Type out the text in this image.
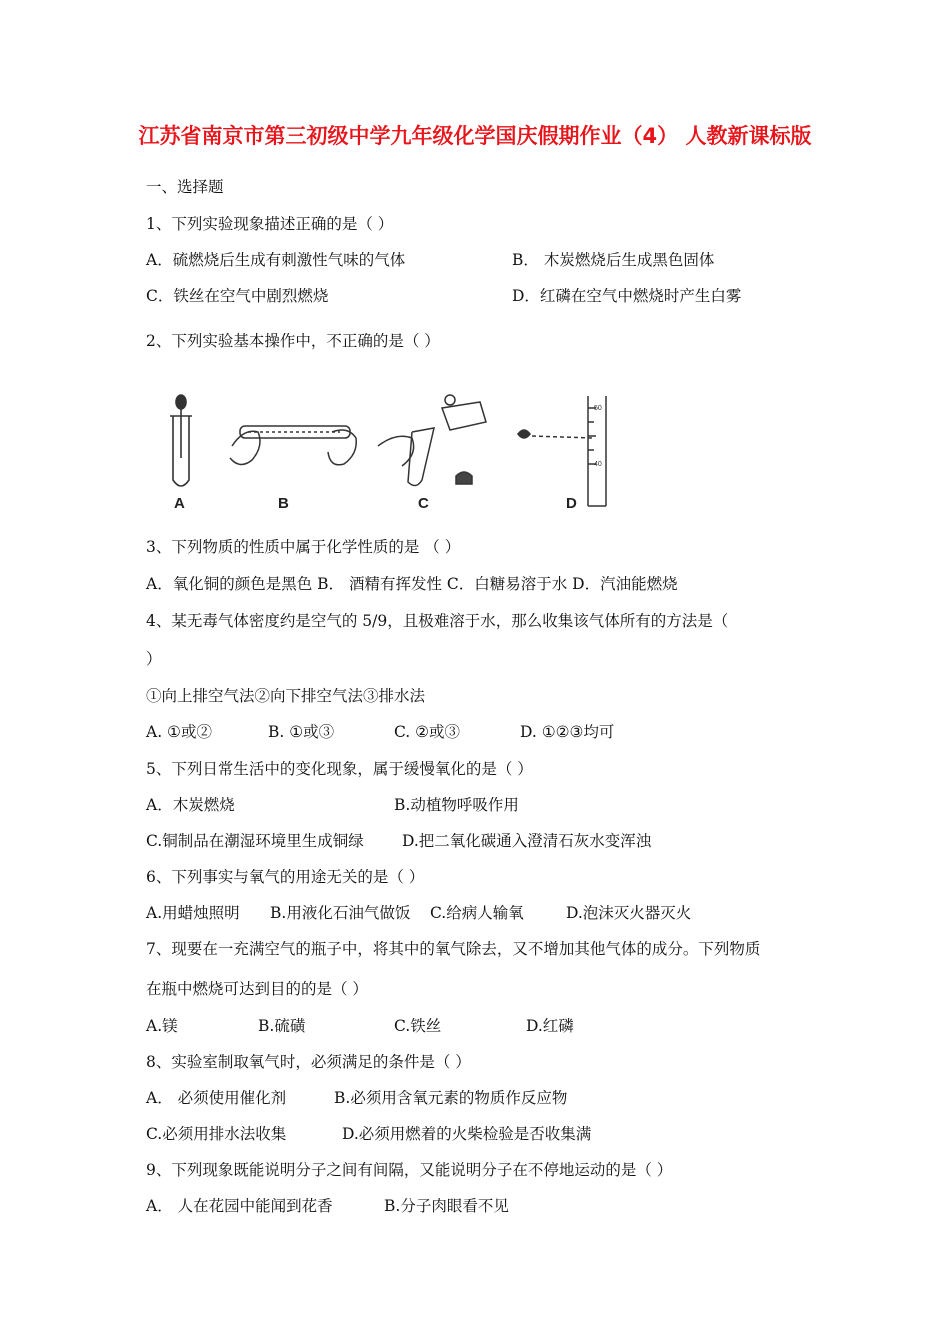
江苏省南京市第三初级中学九年级化学国庆假期作业（4） 人教新课标版
一、选择题
1、下列实验现象描述正确的是（ ）
A．硫燃烧后生成有刺激性气味的气体	B． 木炭燃烧后生成黑色固体
C．铁丝在空气中剧烈燃烧	D．红磷在空气中燃烧时产生白雾
2、下列实验基本操作中，不正确的是（ ）
50
40
A	B	C	D
3、下列物质的性质中属于化学性质的是 （ ）
A．氧化铜的颜色是黑色 B． 酒精有挥发性 C．白糖易溶于水 D．汽油能燃烧
4、某无毒气体密度约是空气的 5/9，且极难溶于水，那么收集该气体所有的方法是（
）
①向上排空气法②向下排空气法③排水法
A. ①或②	B. ①或③	C. ②或③	D. ①②③均可
5、下列日常生活中的变化现象，属于缓慢氧化的是（ ）
A．木炭燃烧	B.动植物呼吸作用
C.铜制品在潮湿环境里生成铜绿 D.把二氧化碳通入澄清石灰水变浑浊
6、下列事实与氧气的用途无关的是（ ）
A.用蜡烛照明 B.用液化石油气做饭 C.给病人输氧	D.泡沫灭火器灭火
7、现要在一充满空气的瓶子中，将其中的氧气除去，又不增加其他气体的成分。下列物质
在瓶中燃烧可达到目的的是（ ）
A.镁	B.硫磺	C.铁丝	D.红磷
8、实验室制取氧气时，必须满足的条件是（ ）
A． 必须使用催化剂	B.必须用含氧元素的物质作反应物
C.必须用排水法收集	D.必须用燃着的火柴检验是否收集满
9、下列现象既能说明分子之间有间隔，又能说明分子在不停地运动的是（ ）
A． 人在花园中能闻到花香	B.分子肉眼看不见
